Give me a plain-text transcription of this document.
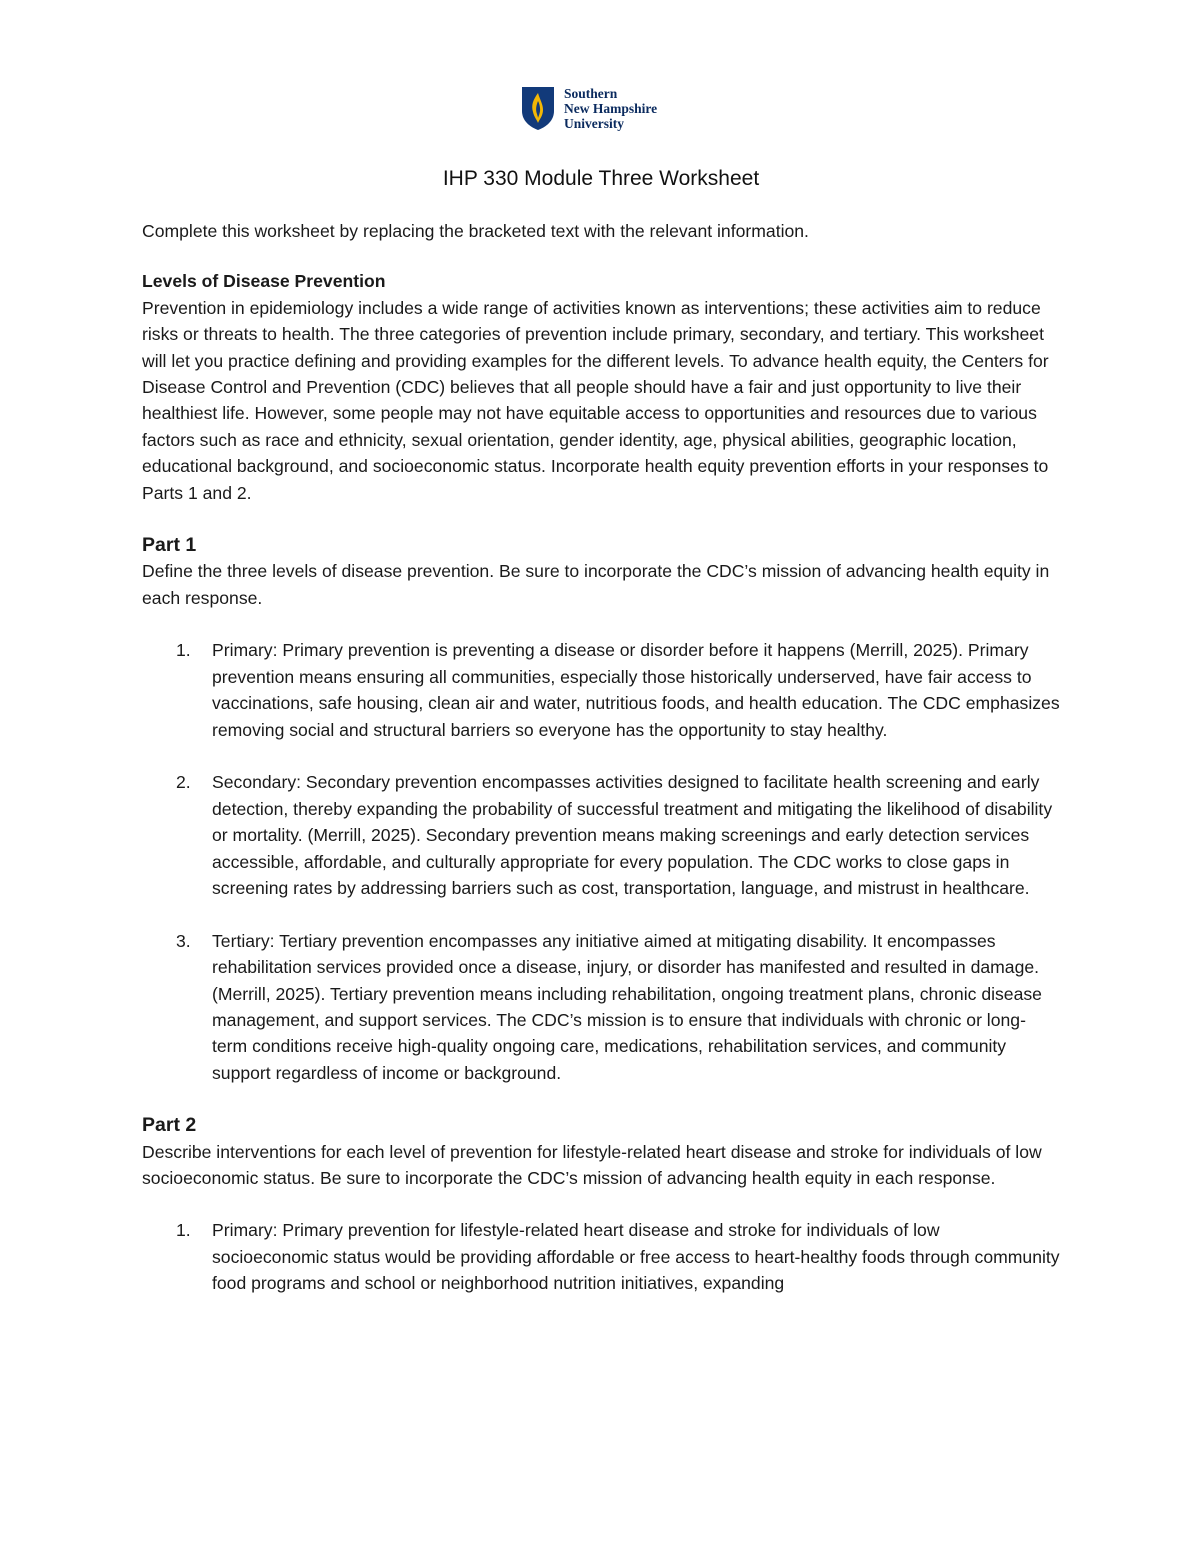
Southern
New Hampshire
University
IHP 330 Module Three Worksheet

Complete this worksheet by replacing the bracketed text with the relevant information.

Levels of Disease Prevention

Prevention in epidemiology includes a wide range of activities known as interventions; these activities aim to reduce risks or threats to health. The three categories of prevention include primary, secondary, and tertiary. This worksheet will let you practice defining and providing examples for the different levels. To advance health equity, the Centers for Disease Control and Prevention (CDC) believes that all people should have a fair and just opportunity to live their healthiest life. However, some people may not have equitable access to opportunities and resources due to various factors such as race and ethnicity, sexual orientation, gender identity, age, physical abilities, geographic location, educational background, and socioeconomic status. Incorporate health equity prevention efforts in your responses to Parts 1 and 2.

Part 1

Define the three levels of disease prevention. Be sure to incorporate the CDC’s mission of advancing health equity in each response.

1. Primary: Primary prevention is preventing a disease or disorder before it happens (Merrill, 2025). Primary prevention means ensuring all communities, especially those historically underserved, have fair access to vaccinations, safe housing, clean air and water, nutritious foods, and health education. The CDC emphasizes removing social and structural barriers so everyone has the opportunity to stay healthy.
2. Secondary: Secondary prevention encompasses activities designed to facilitate health screening and early detection, thereby expanding the probability of successful treatment and mitigating the likelihood of disability or mortality. (Merrill, 2025). Secondary prevention means making screenings and early detection services accessible, affordable, and culturally appropriate for every population. The CDC works to close gaps in screening rates by addressing barriers such as cost, transportation, language, and mistrust in healthcare.
3. Tertiary: Tertiary prevention encompasses any initiative aimed at mitigating disability. It encompasses rehabilitation services provided once a disease, injury, or disorder has manifested and resulted in damage. (Merrill, 2025). Tertiary prevention means including rehabilitation, ongoing treatment plans, chronic disease management, and support services. The CDC’s mission is to ensure that individuals with chronic or long-term conditions receive high-quality ongoing care, medications, rehabilitation services, and community support regardless of income or background.
Part 2

Describe interventions for each level of prevention for lifestyle-related heart disease and stroke for individuals of low socioeconomic status. Be sure to incorporate the CDC’s mission of advancing health equity in each response.

1. Primary: Primary prevention for lifestyle-related heart disease and stroke for individuals of low socioeconomic status would be providing affordable or free access to heart-healthy foods through community food programs and school or neighborhood nutrition initiatives, expanding
